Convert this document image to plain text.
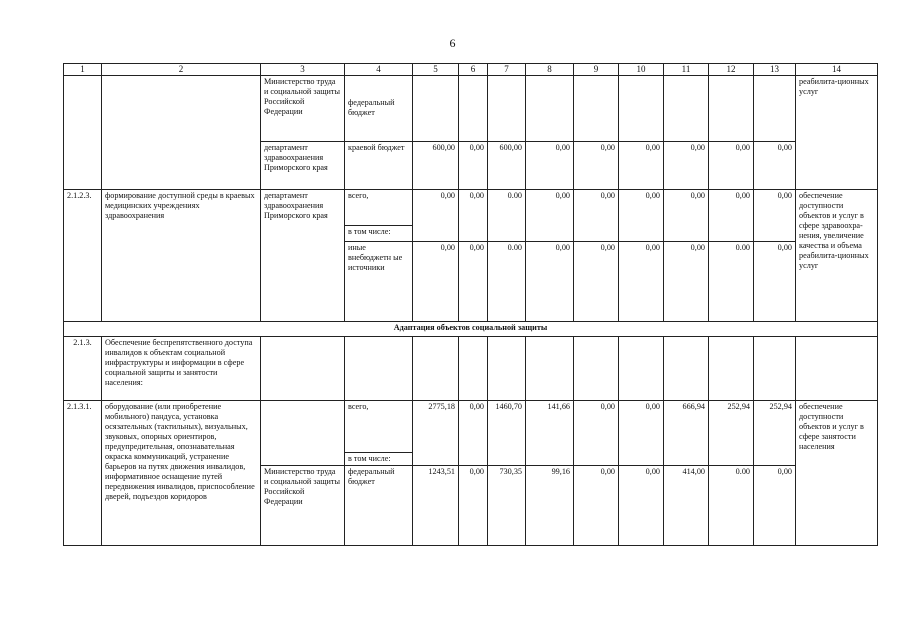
6
1	2	3	4	5	6	7	8	9	10	11	12	13	14
		Министерство труда и социальной защиты Российской Федерации	федеральный бюджет										реабилита-ционных услуг
		департамент здравоохранения Приморского края	краевой бюджет	600,00	0,00	600,00	0,00	0,00	0,00	0,00	0,00	0,00	
2.1.2.3.	формирование доступной среды в краевых медицинских учреждениях здравоохранения	департамент здравоохранения Приморского края	всего,	0,00	0,00	0.00	0,00	0,00	0,00	0,00	0,00	0,00	обеспечение доступности объектов и услуг в сфере здравоохра-нения, увеличение качества и объема реабилита-ционных услуг
			в том числе:										
			иные внебюджетн ые источники	0,00	0,00	0.00	0,00	0,00	0,00	0,00	0.00	0,00	
Адаптация объектов социальной защиты													
2.1.3.	Обеспечение беспрепятственного доступа инвалидов к объектам социальной инфраструктуры и информации в сфере социальной защиты и занятости населения:												
2.1.3.1.	оборудование (или приобретение мобильного) пандуса, установка осязательных (тактильных), визуальных, звуковых, опорных ориентиров, предупредительная, опознавательная окраска коммуникаций, устранение барьеров на путях движения инвалидов, информативное оснащение путей передвижения инвалидов, приспособление дверей, подъездов коридоров		всего,	2775,18	0,00	1460,70	141,66	0,00	0,00	666,94	252,94	252,94	обеспечение доступности объектов и услуг в сфере занятости населения
			в том числе:										
		Министерство труда и социальной защиты Российской Федерации	федеральный бюджет	1243,51	0,00	730,35	99,16	0,00	0,00	414,00	0.00	0,00	
